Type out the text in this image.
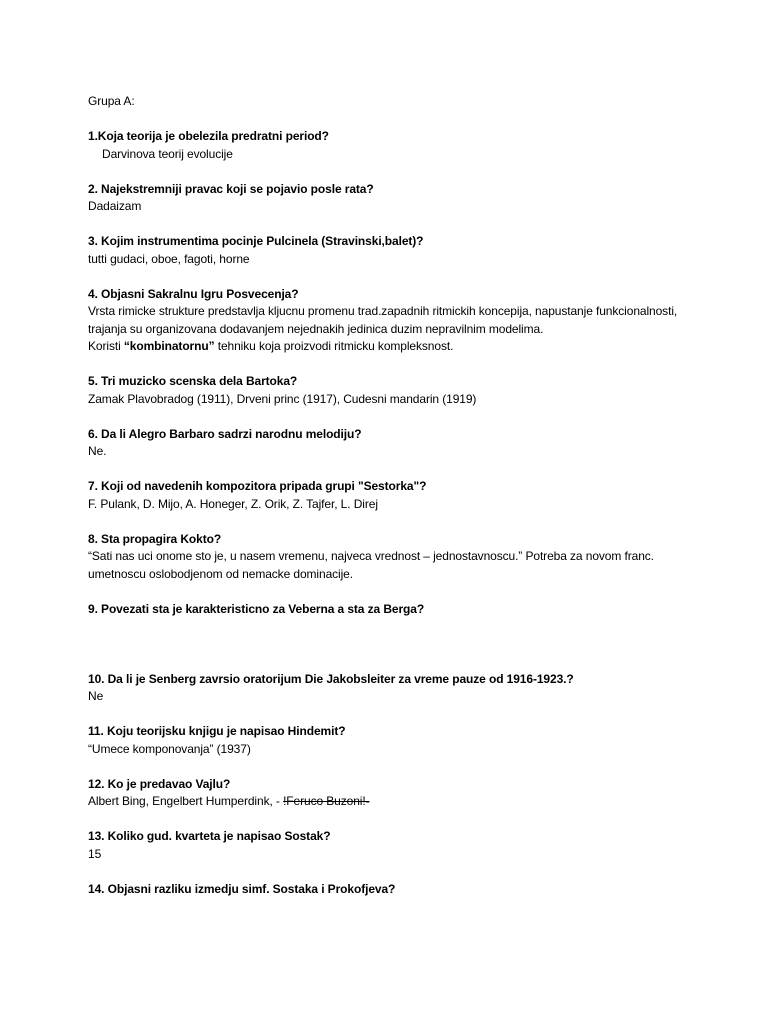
Grupa A:

1.Koja teorija je obelezila predratni period?

Darvinova teorij evolucije

2. Najekstremniji pravac koji se pojavio posle rata?

Dadaizam

3. Kojim instrumentima pocinje Pulcinela (Stravinski,balet)?

tutti gudaci, oboe, fagoti, horne

4. Objasni Sakralnu Igru Posvecenja?

Vrsta rimicke strukture predstavlja kljucnu promenu trad.zapadnih ritmickih koncepija, napustanje funkcionalnosti, trajanja su organizovana dodavanjem nejednakih jedinica duzim nepravilnim modelima.

Koristi “kombinatornu” tehniku koja proizvodi ritmicku kompleksnost.

5. Tri muzicko scenska dela Bartoka?

Zamak Plavobradog (1911), Drveni princ (1917), Cudesni mandarin (1919)

6. Da li Alegro Barbaro sadrzi narodnu melodiju?

Ne.

7. Koji od navedenih kompozitora pripada grupi "Sestorka"?

F. Pulank, D. Mijo, A. Honeger, Z. Orik, Z. Tajfer, L. Direj

8. Sta propagira Kokto?

“Sati nas uci onome sto je, u nasem vremenu, najveca vrednost – jednostavnoscu.” Potreba za novom franc. umetnoscu oslobodjenom od nemacke dominacije.

9. Povezati sta je karakteristicno za Veberna a sta za Berga?

10. Da li je Senberg zavrsio oratorijum Die Jakobsleiter za vreme pauze od 1916-1923.?

Ne

11. Koju teorijsku knjigu je napisao Hindemit?

“Umece komponovanja” (1937)

12. Ko je predavao Vajlu?

Albert Bing, Engelbert Humperdink, - !Feruco Buzoni!-

13. Koliko gud. kvarteta je napisao Sostak?

15

14. Objasni razliku izmedju simf. Sostaka i Prokofjeva?
